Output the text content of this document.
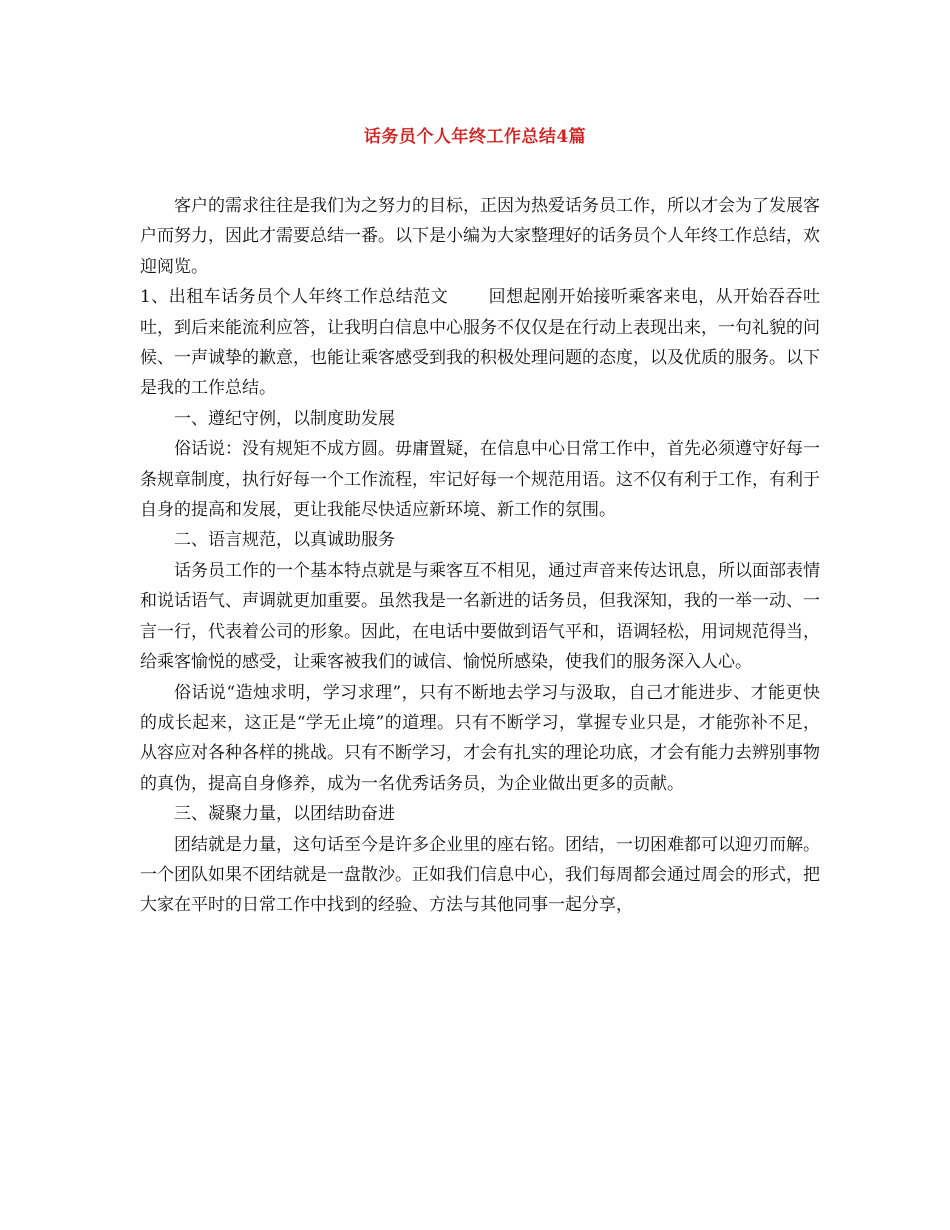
话务员个人年终工作总结4篇

客户的需求往往是我们为之努力的目标，正因为热爱话务员工作，所以才会为了发展客户而努力，因此才需要总结一番。以下是小编为大家整理好的话务员个人年终工作总结，欢迎阅览。

1、出租车话务员个人年终工作总结范文 回想起刚开始接听乘客来电，从开始吞吞吐吐，到后来能流利应答，让我明白信息中心服务不仅仅是在行动上表现出来，一句礼貌的问候、一声诚挚的歉意，也能让乘客感受到我的积极处理问题的态度，以及优质的服务。以下是我的工作总结。

一、遵纪守例，以制度助发展

俗话说：没有规矩不成方圆。毋庸置疑，在信息中心日常工作中，首先必须遵守好每一条规章制度，执行好每一个工作流程，牢记好每一个规范用语。这不仅有利于工作，有利于自身的提高和发展，更让我能尽快适应新环境、新工作的氛围。

二、语言规范，以真诚助服务

话务员工作的一个基本特点就是与乘客互不相见，通过声音来传达讯息，所以面部表情和说话语气、声调就更加重要。虽然我是一名新进的话务员，但我深知，我的一举一动、一言一行，代表着公司的形象。因此，在电话中要做到语气平和，语调轻松，用词规范得当，给乘客愉悦的感受，让乘客被我们的诚信、愉悦所感染，使我们的服务深入人心。

俗话说“造烛求明，学习求理”，只有不断地去学习与汲取，自己才能进步、才能更快的成长起来，这正是“学无止境”的道理。只有不断学习，掌握专业只是，才能弥补不足，从容应对各种各样的挑战。只有不断学习，才会有扎实的理论功底，才会有能力去辨别事物的真伪，提高自身修养，成为一名优秀话务员，为企业做出更多的贡献。

三、凝聚力量，以团结助奋进

团结就是力量，这句话至今是许多企业里的座右铭。团结，一切困难都可以迎刃而解。一个团队如果不团结就是一盘散沙。正如我们信息中心，我们每周都会通过周会的形式，把大家在平时的日常工作中找到的经验、方法与其他同事一起分享，
